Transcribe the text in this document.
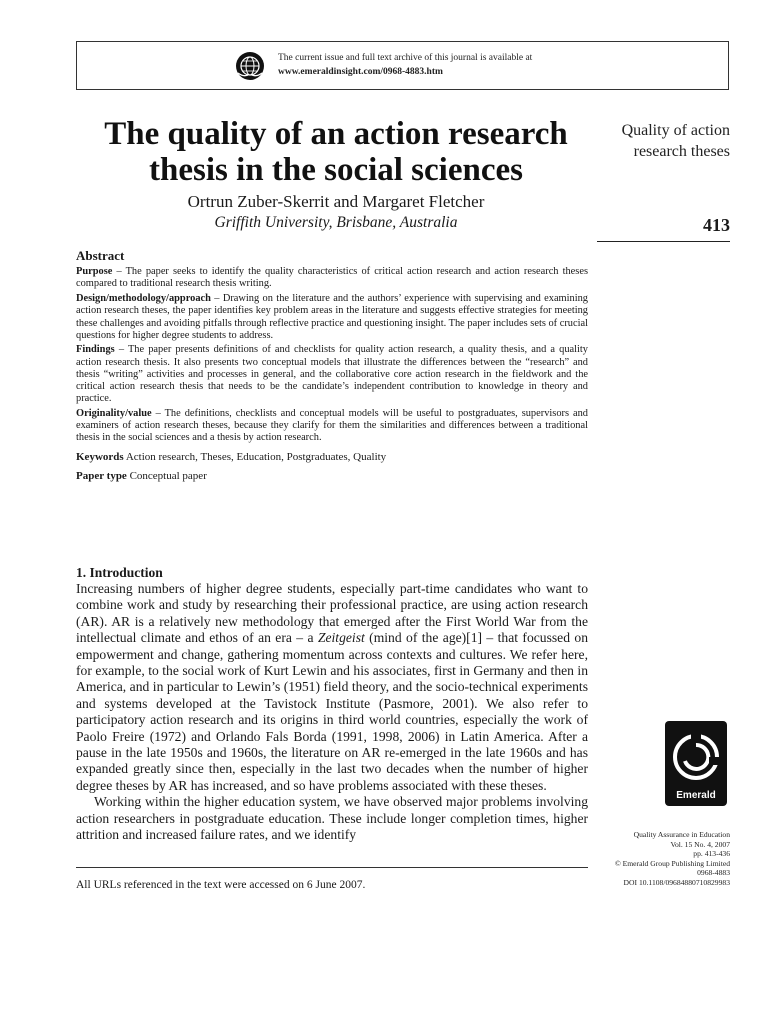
The current issue and full text archive of this journal is available at
www.emeraldinsight.com/0968-4883.htm
The quality of an action research thesis in the social sciences
Ortrun Zuber-Skerrit and Margaret Fletcher
Griffith University, Brisbane, Australia
Quality of action research theses
413
Abstract

Purpose – The paper seeks to identify the quality characteristics of critical action research and action research theses compared to traditional research thesis writing.

Design/methodology/approach – Drawing on the literature and the authors’ experience with supervising and examining action research theses, the paper identifies key problem areas in the literature and suggests effective strategies for meeting these challenges and avoiding pitfalls through reflective practice and questioning insight. The paper includes sets of crucial questions for higher degree students to address.

Findings – The paper presents definitions of and checklists for quality action research, a quality thesis, and a quality action research thesis. It also presents two conceptual models that illustrate the differences between the “research” and thesis “writing” activities and processes in general, and the collaborative core action research in the fieldwork and the critical action research thesis that needs to be the candidate’s independent contribution to knowledge in theory and practice.

Originality/value – The definitions, checklists and conceptual models will be useful to postgraduates, supervisors and examiners of action research theses, because they clarify for them the similarities and differences between a traditional thesis in the social sciences and a thesis by action research.

Keywords Action research, Theses, Education, Postgraduates, Quality

Paper type Conceptual paper

1. Introduction

Increasing numbers of higher degree students, especially part-time candidates who want to combine work and study by researching their professional practice, are using action research (AR). AR is a relatively new methodology that emerged after the First World War from the intellectual climate and ethos of an era – a Zeitgeist (mind of the age)[1] – that focussed on empowerment and change, gathering momentum across contexts and cultures. We refer here, for example, to the social work of Kurt Lewin and his associates, first in Germany and then in America, and in particular to Lewin’s (1951) field theory, and the socio-technical experiments and systems developed at the Tavistock Institute (Pasmore, 2001). We also refer to participatory action research and its origins in third world countries, especially the work of Paolo Freire (1972) and Orlando Fals Borda (1991, 1998, 2006) in Latin America. After a pause in the late 1950s and 1960s, the literature on AR re-emerged in the late 1960s and has expanded greatly since then, especially in the last two decades when the number of higher degree theses by AR has increased, and so have problems associated with these theses.

Working within the higher education system, we have observed major problems involving action researchers in postgraduate education. These include longer completion times, higher attrition and increased failure rates, and we identify

All URLs referenced in the text were accessed on 6 June 2007.
Emerald
Quality Assurance in Education
Vol. 15 No. 4, 2007
pp. 413-436
© Emerald Group Publishing Limited
0968-4883
DOI 10.1108/09684880710829983
